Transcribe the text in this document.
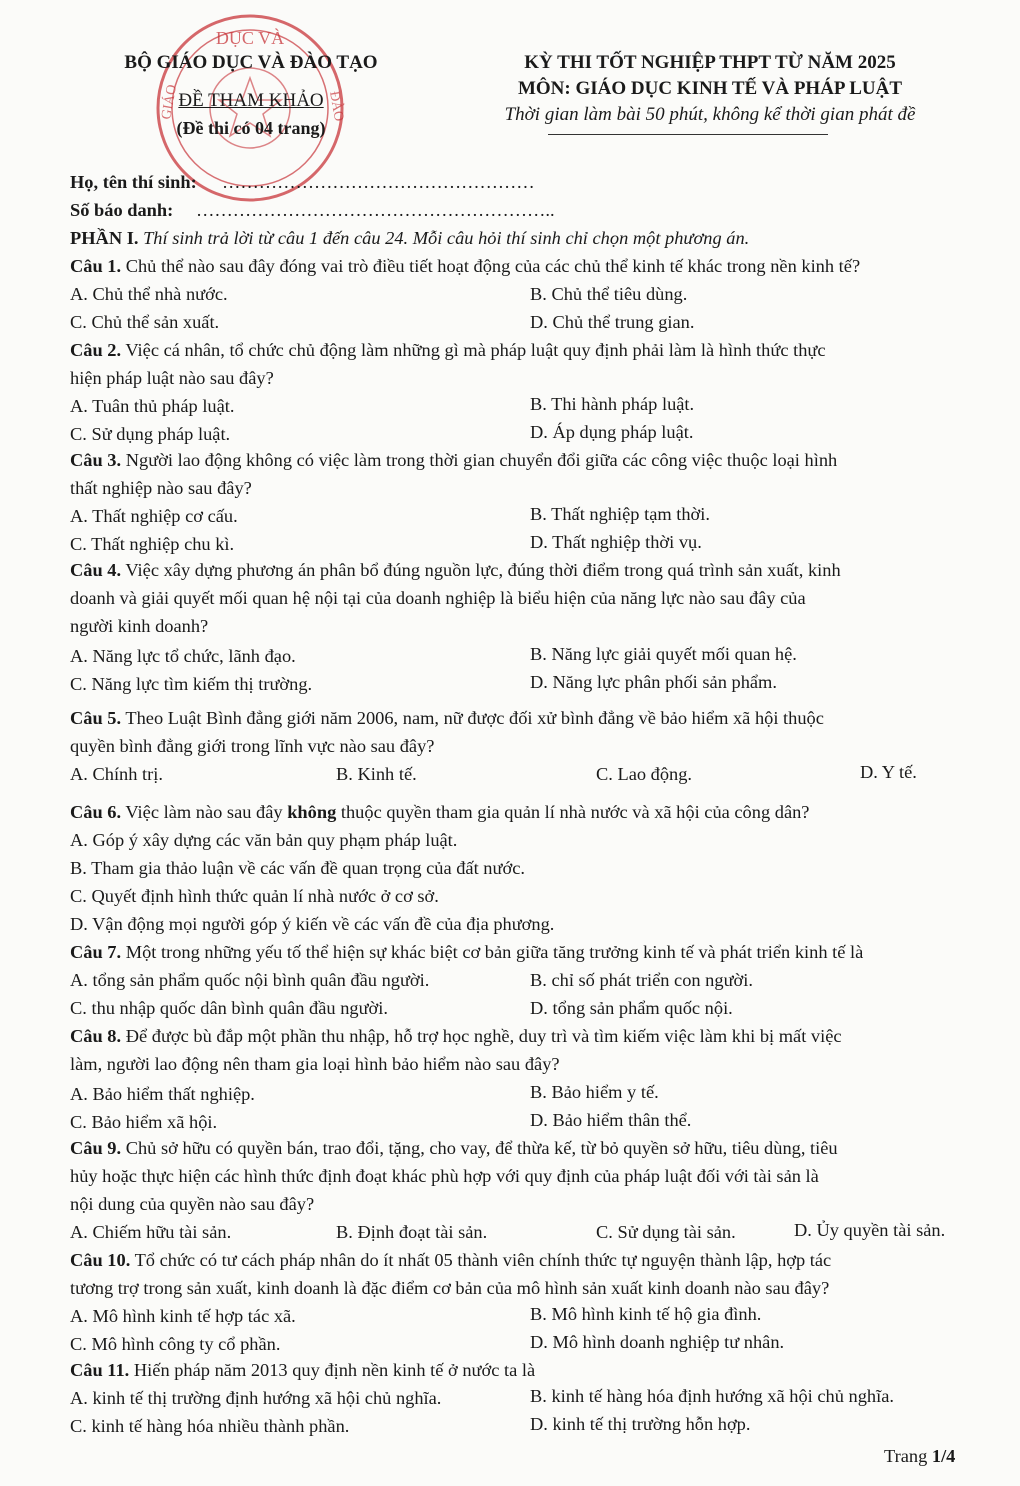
DỤC VÀ
GIÁO	ĐÀO
BỘ GIÁO DỤC VÀ ĐÀO TẠO
ĐỀ THAM KHẢO
(Đề thi có 04 trang)
KỲ THI TỐT NGHIỆP THPT TỪ NĂM 2025
MÔN: GIÁO DỤC KINH TẾ VÀ PHÁP LUẬT
Thời gian làm bài 50 phút, không kể thời gian phát đề
Họ, tên thí sinh: ……………………………………………
Số báo danh: …………………………………………………..
PHẦN I. Thí sinh trả lời từ câu 1 đến câu 24. Mỗi câu hỏi thí sinh chỉ chọn một phương án.
Câu 1. Chủ thể nào sau đây đóng vai trò điều tiết hoạt động của các chủ thể kinh tế khác trong nền kinh tế?
A. Chủ thể nhà nước.	B. Chủ thể tiêu dùng.
C. Chủ thể sản xuất.	D. Chủ thể trung gian.
Câu 2. Việc cá nhân, tổ chức chủ động làm những gì mà pháp luật quy định phải làm là hình thức thực
hiện pháp luật nào sau đây?
A. Tuân thủ pháp luật.	B. Thi hành pháp luật.
C. Sử dụng pháp luật.	D. Áp dụng pháp luật.
Câu 3. Người lao động không có việc làm trong thời gian chuyển đổi giữa các công việc thuộc loại hình
thất nghiệp nào sau đây?
A. Thất nghiệp cơ cấu.	B. Thất nghiệp tạm thời.
C. Thất nghiệp chu kì.	D. Thất nghiệp thời vụ.
Câu 4. Việc xây dựng phương án phân bổ đúng nguồn lực, đúng thời điểm trong quá trình sản xuất, kinh
doanh và giải quyết mối quan hệ nội tại của doanh nghiệp là biểu hiện của năng lực nào sau đây của
người kinh doanh?
A. Năng lực tổ chức, lãnh đạo.	B. Năng lực giải quyết mối quan hệ.
C. Năng lực tìm kiếm thị trường.	D. Năng lực phân phối sản phẩm.
Câu 5. Theo Luật Bình đẳng giới năm 2006, nam, nữ được đối xử bình đẳng về bảo hiểm xã hội thuộc
quyền bình đẳng giới trong lĩnh vực nào sau đây?
A. Chính trị.	B. Kinh tế.	C. Lao động.	D. Y tế.
Câu 6. Việc làm nào sau đây không thuộc quyền tham gia quản lí nhà nước và xã hội của công dân?
A. Góp ý xây dựng các văn bản quy phạm pháp luật.
B. Tham gia thảo luận về các vấn đề quan trọng của đất nước.
C. Quyết định hình thức quản lí nhà nước ở cơ sở.
D. Vận động mọi người góp ý kiến về các vấn đề của địa phương.
Câu 7. Một trong những yếu tố thể hiện sự khác biệt cơ bản giữa tăng trưởng kinh tế và phát triển kinh tế là
A. tổng sản phẩm quốc nội bình quân đầu người.	B. chỉ số phát triển con người.
C. thu nhập quốc dân bình quân đầu người.	D. tổng sản phẩm quốc nội.
Câu 8. Để được bù đắp một phần thu nhập, hỗ trợ học nghề, duy trì và tìm kiếm việc làm khi bị mất việc
làm, người lao động nên tham gia loại hình bảo hiểm nào sau đây?
A. Bảo hiểm thất nghiệp.	B. Bảo hiểm y tế.
C. Bảo hiểm xã hội.	D. Bảo hiểm thân thể.
Câu 9. Chủ sở hữu có quyền bán, trao đổi, tặng, cho vay, để thừa kế, từ bỏ quyền sở hữu, tiêu dùng, tiêu
hủy hoặc thực hiện các hình thức định đoạt khác phù hợp với quy định của pháp luật đối với tài sản là
nội dung của quyền nào sau đây?
A. Chiếm hữu tài sản.	B. Định đoạt tài sản.	C. Sử dụng tài sản.	D. Ủy quyền tài sản.
Câu 10. Tổ chức có tư cách pháp nhân do ít nhất 05 thành viên chính thức tự nguyện thành lập, hợp tác
tương trợ trong sản xuất, kinh doanh là đặc điểm cơ bản của mô hình sản xuất kinh doanh nào sau đây?
A. Mô hình kinh tế hợp tác xã.	B. Mô hình kinh tế hộ gia đình.
C. Mô hình công ty cổ phần.	D. Mô hình doanh nghiệp tư nhân.
Câu 11. Hiến pháp năm 2013 quy định nền kinh tế ở nước ta là
A. kinh tế thị trường định hướng xã hội chủ nghĩa.	B. kinh tế hàng hóa định hướng xã hội chủ nghĩa.
C. kinh tế hàng hóa nhiều thành phần.	D. kinh tế thị trường hỗn hợp.
Trang 1/4
